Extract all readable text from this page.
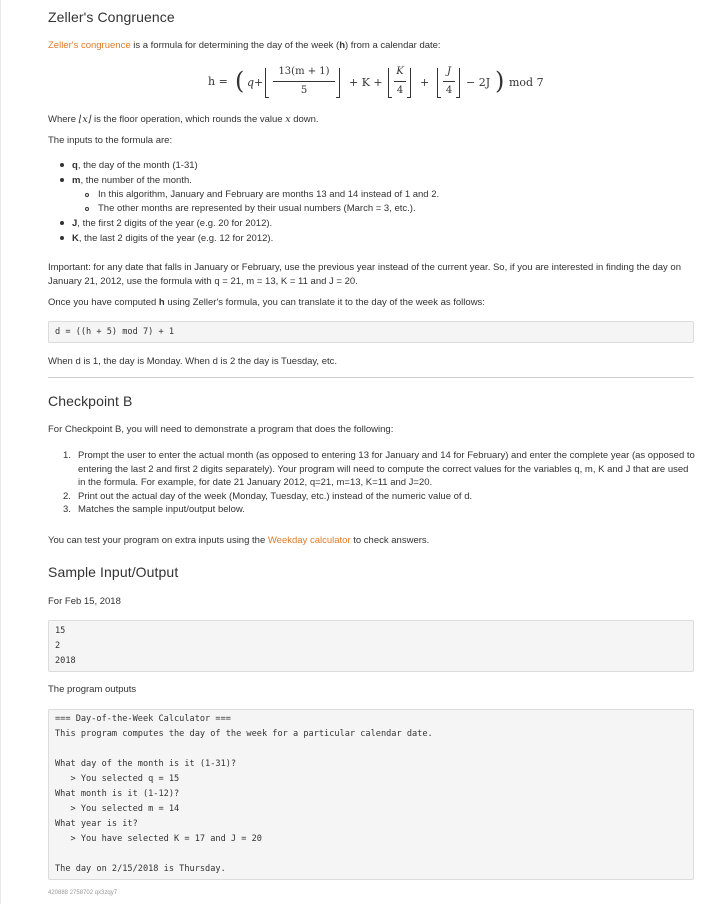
Zeller's Congruence
Zeller's congruence is a formula for determining the day of the week (h) from a calendar date:
h = ( q+
13(m + 1)
5
+ K +
K
4
+
J
4
− 2J ) mod 7
Where ⌊x⌋ is the floor operation, which rounds the value x down.
The inputs to the formula are:
q, the day of the month (1-31)
m, the number of the month.
In this algorithm, January and February are months 13 and 14 instead of 1 and 2.
The other months are represented by their usual numbers (March = 3, etc.).
J, the first 2 digits of the year (e.g. 20 for 2012).
K, the last 2 digits of the year (e.g. 12 for 2012).
Important: for any date that falls in January or February, use the previous year instead of the current year. So, if you are interested in finding the day on January 21, 2012, use the formula with q = 21, m = 13, K = 11 and J = 20.
Once you have computed h using Zeller's formula, you can translate it to the day of the week as follows:
d = ((h + 5) mod 7) + 1
When d is 1, the day is Monday. When d is 2 the day is Tuesday, etc.
Checkpoint B
For Checkpoint B, you will need to demonstrate a program that does the following:
1. Prompt the user to enter the actual month (as opposed to entering 13 for January and 14 for February) and enter the complete year (as opposed to entering the last 2 and first 2 digits separately). Your program will need to compute the correct values for the variables q, m, K and J that are used in the formula. For example, for date 21 January 2012, q=21, m=13, K=11 and J=20.
2. Print out the actual day of the week (Monday, Tuesday, etc.) instead of the numeric value of d.
3. Matches the sample input/output below.
You can test your program on extra inputs using the Weekday calculator to check answers.
Sample Input/Output
For Feb 15, 2018
15
2
2018
The program outputs
=== Day-of-the-Week Calculator ===
This program computes the day of the week for a particular calendar date.
What day of the month is it (1-31)?
> You selected q = 15
What month is it (1-12)?
> You selected m = 14
What year is it?
> You have selected K = 17 and J = 20
The day on 2/15/2018 is Thursday.
420888 2758702 qx3zqy7
